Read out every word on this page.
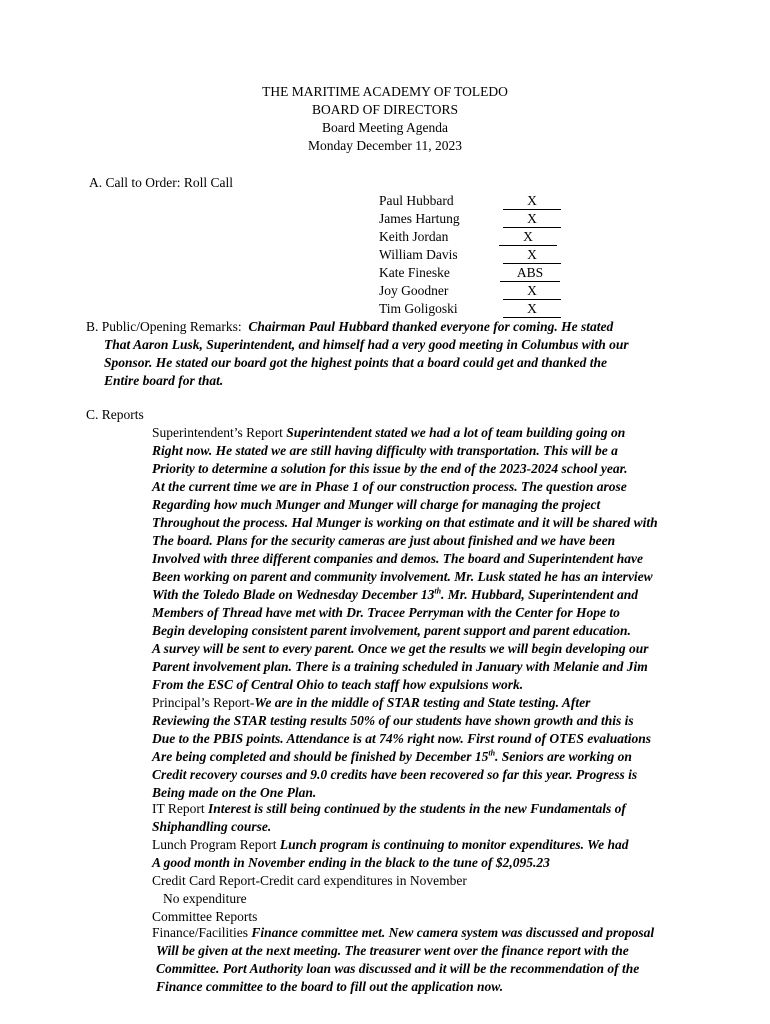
THE MARITIME ACADEMY OF TOLEDO
BOARD OF DIRECTORS
Board Meeting Agenda
Monday December 11, 2023
A. Call to Order: Roll Call
Paul Hubbard	X
James Hartung	X
Keith Jordan	X
William Davis	X
Kate Fineske	ABS
Joy Goodner	X
Tim Goligoski	X
B. Public/Opening Remarks: Chairman Paul Hubbard thanked everyone for coming. He stated
That Aaron Lusk, Superintendent, and himself had a very good meeting in Columbus with our
Sponsor. He stated our board got the highest points that a board could get and thanked the
Entire board for that.
C. Reports
Superintendent’s Report Superintendent stated we had a lot of team building going on
Right now. He stated we are still having difficulty with transportation. This will be a
Priority to determine a solution for this issue by the end of the 2023-2024 school year.
At the current time we are in Phase 1 of our construction process. The question arose
Regarding how much Munger and Munger will charge for managing the project
Throughout the process. Hal Munger is working on that estimate and it will be shared with
The board. Plans for the security cameras are just about finished and we have been
Involved with three different companies and demos. The board and Superintendent have
Been working on parent and community involvement. Mr. Lusk stated he has an interview
With the Toledo Blade on Wednesday December 13th. Mr. Hubbard, Superintendent and
Members of Thread have met with Dr. Tracee Perryman with the Center for Hope to
Begin developing consistent parent involvement, parent support and parent education.
A survey will be sent to every parent. Once we get the results we will begin developing our
Parent involvement plan. There is a training scheduled in January with Melanie and Jim
From the ESC of Central Ohio to teach staff how expulsions work.
Principal’s Report-We are in the middle of STAR testing and State testing. After
Reviewing the STAR testing results 50% of our students have shown growth and this is
Due to the PBIS points. Attendance is at 74% right now. First round of OTES evaluations
Are being completed and should be finished by December 15th. Seniors are working on
Credit recovery courses and 9.0 credits have been recovered so far this year. Progress is
Being made on the One Plan.
IT Report Interest is still being continued by the students in the new Fundamentals of
Shiphandling course.
Lunch Program Report Lunch program is continuing to monitor expenditures. We had
A good month in November ending in the black to the tune of $2,095.23
Credit Card Report-Credit card expenditures in November
No expenditure
Committee Reports
Finance/Facilities Finance committee met. New camera system was discussed and proposal
Will be given at the next meeting. The treasurer went over the finance report with the
Committee. Port Authority loan was discussed and it will be the recommendation of the
Finance committee to the board to fill out the application now.
